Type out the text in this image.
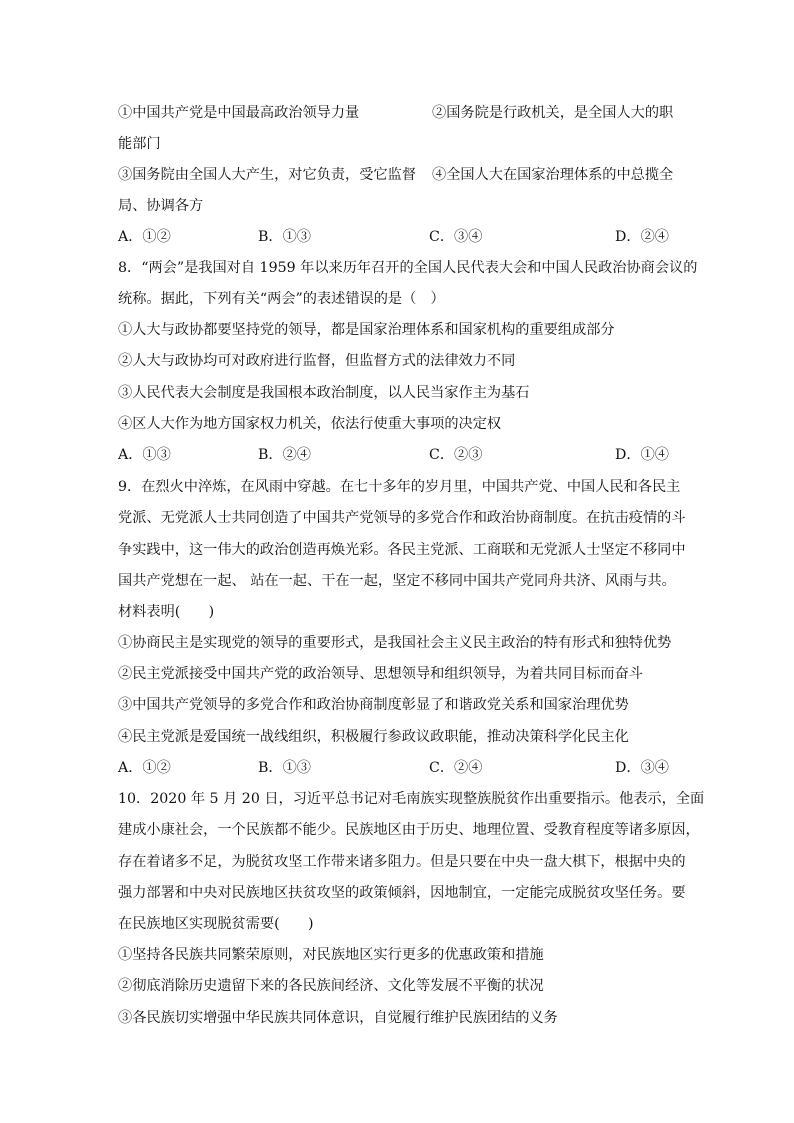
①中国共产党是中国最高政治领导力量	②国务院是行政机关，是全国人大的职
能部门
③国务院由全国人大产生，对它负责，受它监督 ④全国人大在国家治理体系的中总揽全
局、协调各方
A．①②	B．①③	C．③④	D．②④
8．“两会”是我国对自 1959 年以来历年召开的全国人民代表大会和中国人民政治协商会议的
统称。据此，下列有关“两会”的表述错误的是（　）
①人大与政协都要坚持党的领导，都是国家治理体系和国家机构的重要组成部分
②人大与政协均可对政府进行监督，但监督方式的法律效力不同
③人民代表大会制度是我国根本政治制度，以人民当家作主为基石
④区人大作为地方国家权力机关，依法行使重大事项的决定权
A．①③	B．②④	C．②③	D．①④
9．在烈火中淬炼，在风雨中穿越。在七十多年的岁月里，中国共产党、中国人民和各民主
党派、无党派人士共同创造了中国共产党领导的多党合作和政治协商制度。在抗击疫情的斗
争实践中，这一伟大的政治创造再焕光彩。各民主党派、工商联和无党派人士坚定不移同中
国共产党想在一起、 站在一起、干在一起，坚定不移同中国共产党同舟共济、风雨与共。
材料表明(　　)
①协商民主是实现党的领导的重要形式，是我国社会主义民主政治的特有形式和独特优势
②民主党派接受中国共产党的政治领导、思想领导和组织领导，为着共同目标而奋斗
③中国共产党领导的多党合作和政治协商制度彰显了和谐政党关系和国家治理优势
④民主党派是爱国统一战线组织，积极履行参政议政职能，推动决策科学化民主化
A．①②	B．①③	C．②④	D．③④
10．2020 年 5 月 20 日，习近平总书记对毛南族实现整族脱贫作出重要指示。他表示，全面
建成小康社会，一个民族都不能少。民族地区由于历史、地理位置、受教育程度等诸多原因，
存在着诸多不足，为脱贫攻坚工作带来诸多阻力。但是只要在中央一盘大棋下，根据中央的
强力部署和中央对民族地区扶贫攻坚的政策倾斜，因地制宜，一定能完成脱贫攻坚任务。要
在民族地区实现脱贫需要(　　)
①坚持各民族共同繁荣原则，对民族地区实行更多的优惠政策和措施
②彻底消除历史遗留下来的各民族间经济、文化等发展不平衡的状况
③各民族切实增强中华民族共同体意识，自觉履行维护民族团结的义务
